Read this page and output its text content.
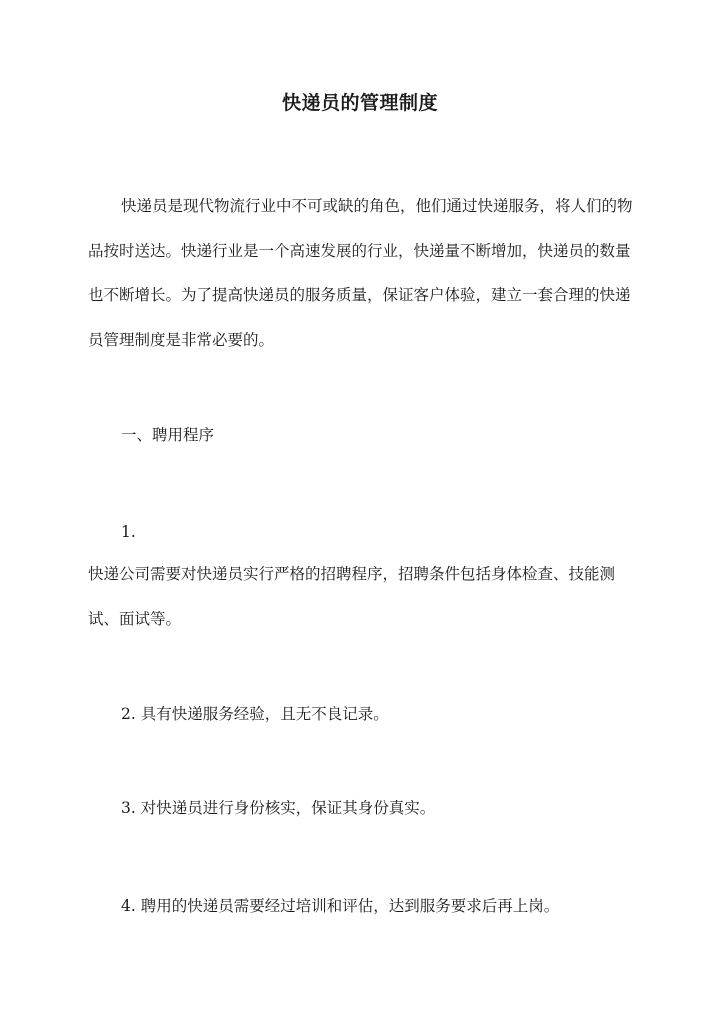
快递员的管理制度

快递员是现代物流行业中不可或缺的角色，他们通过快递服务，将人们的物品按时送达。快递行业是一个高速发展的行业，快递量不断增加，快递员的数量也不断增长。为了提高快递员的服务质量，保证客户体验，建立一套合理的快递员管理制度是非常必要的。

一、聘用程序
1.

快递公司需要对快递员实行严格的招聘程序，招聘条件包括身体检查、技能测试、面试等。

2. 具有快递服务经验，且无不良记录。
3. 对快递员进行身份核实，保证其身份真实。
4. 聘用的快递员需要经过培训和评估，达到服务要求后再上岗。
